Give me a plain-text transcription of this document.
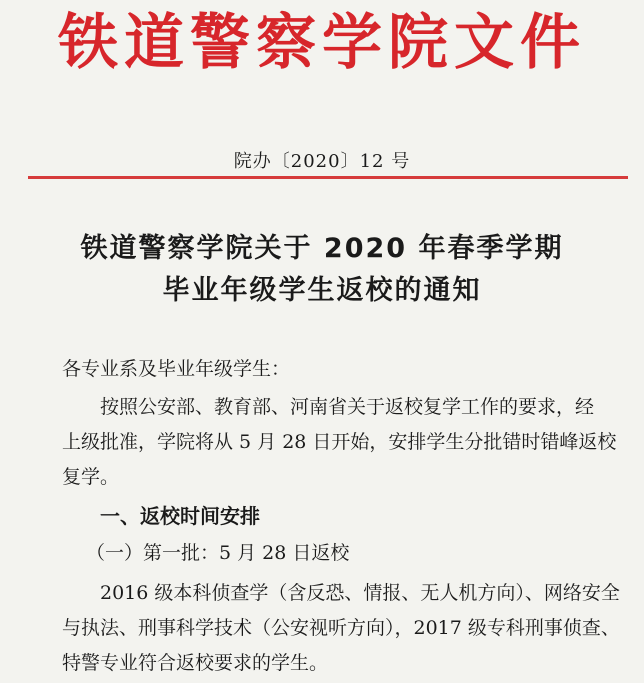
铁道警察学院文件
院办〔2020〕12 号
铁道警察学院关于 2020 年春季学期
毕业年级学生返校的通知
各专业系及毕业年级学生：
按照公安部、教育部、河南省关于返校复学工作的要求，经
上级批准，学院将从 5 月 28 日开始，安排学生分批错时错峰返校
复学。
一、返校时间安排
（一）第一批：5 月 28 日返校
2016 级本科侦查学（含反恐、情报、无人机方向）、网络安全
与执法、刑事科学技术（公安视听方向），2017 级专科刑事侦查、
特警专业符合返校要求的学生。
